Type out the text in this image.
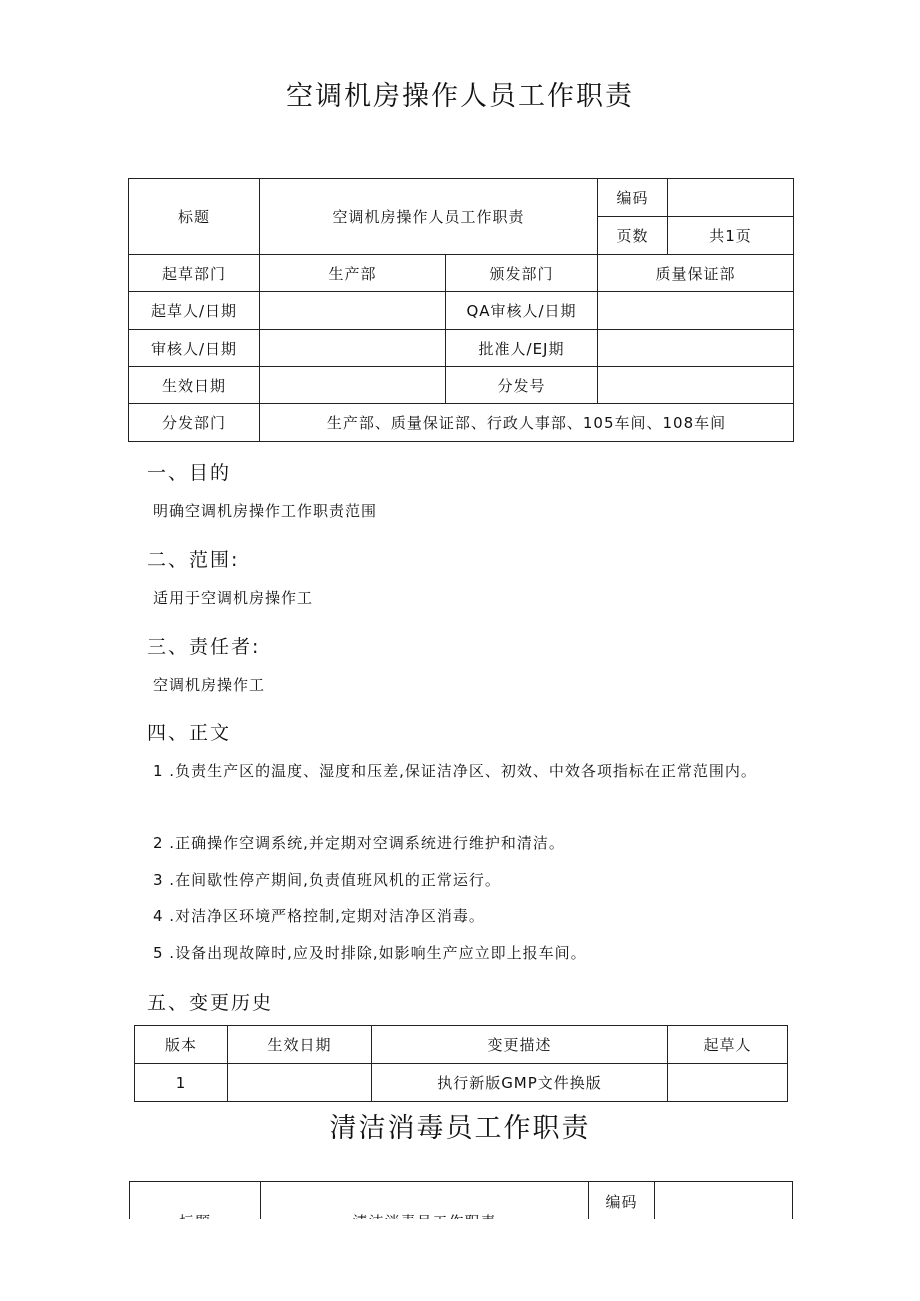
空调机房操作人员工作职责
标题	空调机房操作人员工作职责		编码	
			页数	共1页
起草部门	生产部	颁发部门	质量保证部	
起草人/日期		QA审核人/日期		
审核人/日期		批准人/EJ期		
生效日期		分发号		
分发部门	生产部、质量保证部、行政人事部、105车间、108车间			
一、目的
明确空调机房操作工作职责范围
二、范围:
适用于空调机房操作工
三、责任者:
空调机房操作工
四、正文
1 .负责生产区的温度、湿度和压差,保证洁净区、初效、中效各项指标在正常范围内。
2 .正确操作空调系统,并定期对空调系统进行维护和清洁。
3 .在间歇性停产期间,负责值班风机的正常运行。
4 .对洁净区环境严格控制,定期对洁净区消毒。
5 .设备出现故障时,应及时排除,如影响生产应立即上报车间。
五、变更历史
版本	生效日期	变更描述	起草人
1		执行新版GMP文件换版	
清洁消毒员工作职责
		编码	
